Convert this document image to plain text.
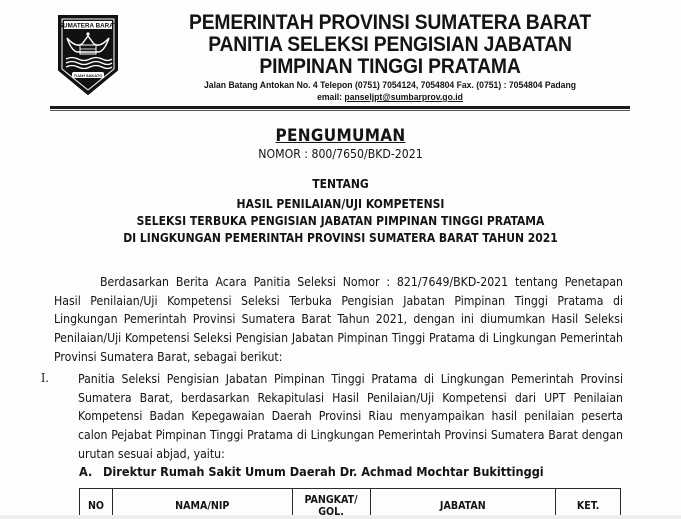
SUMATERA BARAT
TUAH SAKATO
PEMERINTAH PROVINSI SUMATERA BARAT
PANITIA SELEKSI PENGISIAN JABATAN
PIMPINAN TINGGI PRATAMA
Jalan Batang Antokan No. 4 Telepon (0751) 7054124, 7054804 Fax. (0751) : 7054804 Padang
email: panseljpt@sumbarprov.go.id
PENGUMUMAN
NOMOR : 800/7650/BKD-2021
TENTANG
HASIL PENILAIAN/UJI KOMPETENSI
SELEKSI TERBUKA PENGISIAN JABATAN PIMPINAN TINGGI PRATAMA
DI LINGKUNGAN PEMERINTAH PROVINSI SUMATERA BARAT TAHUN 2021

Berdasarkan Berita Acara Panitia Seleksi Nomor : 821/7649/BKD-2021 tentang Penetapan Hasil Penilaian/Uji Kompetensi Seleksi Terbuka Pengisian Jabatan Pimpinan Tinggi Pratama di Lingkungan Pemerintah Provinsi Sumatera Barat Tahun 2021, dengan ini diumumkan Hasil Seleksi Penilaian/Uji Kompetensi Seleksi Pengisian Jabatan Pimpinan Tinggi Pratama di Lingkungan Pemerintah Provinsi Sumatera Barat, sebagai berikut:

I. Panitia Seleksi Pengisian Jabatan Pimpinan Tinggi Pratama di Lingkungan Pemerintah Provinsi Sumatera Barat, berdasarkan Rekapitulasi Hasil Penilaian/Uji Kompetensi dari UPT Penilaian Kompetensi Badan Kepegawaian Daerah Provinsi Riau menyampaikan hasil penilaian peserta calon Pejabat Pimpinan Tinggi Pratama di Lingkungan Pemerintah Provinsi Sumatera Barat dengan urutan sesuai abjad, yaitu:

A. Direktur Rumah Sakit Umum Daerah Dr. Achmad Mochtar Bukittinggi
NO	NAMA/NIP	PANGKAT/ GOL.	JABATAN	KET.
